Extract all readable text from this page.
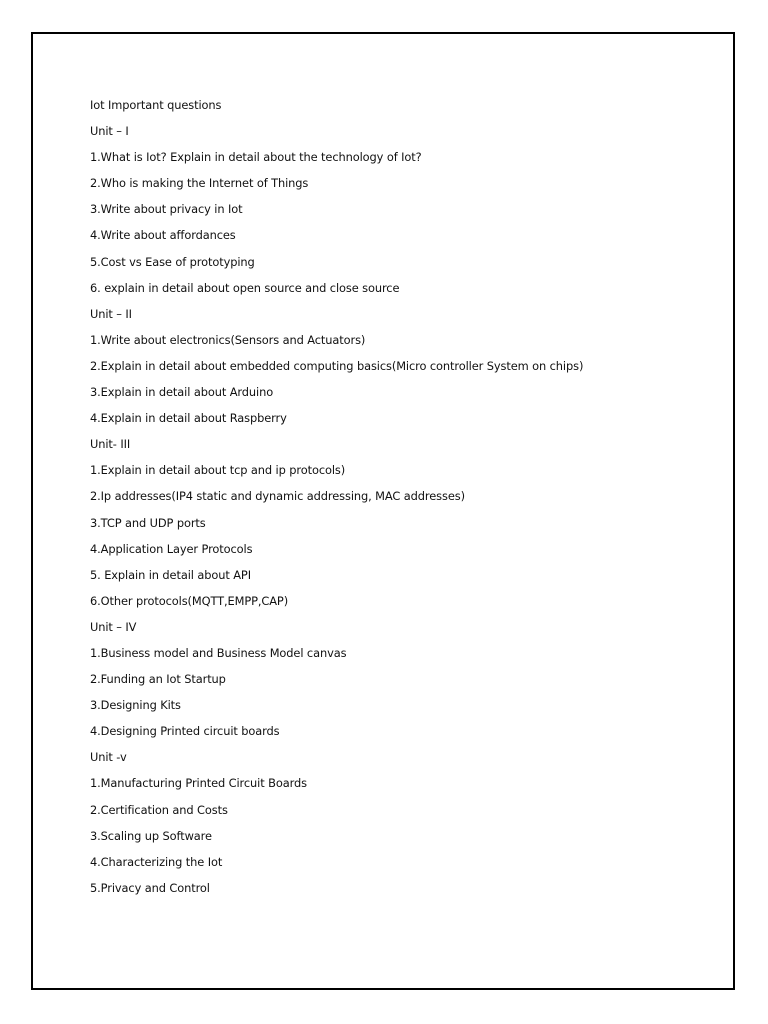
Iot Important questions
Unit – I
1.What is Iot? Explain in detail about the technology of Iot?
2.Who is making the Internet of Things
3.Write about privacy in Iot
4.Write about affordances
5.Cost vs Ease of prototyping
6. explain in detail about open source and close source
Unit – II
1.Write about electronics(Sensors and Actuators)
2.Explain in detail about embedded computing basics(Micro controller System on chips)
3.Explain in detail about Arduino
4.Explain in detail about Raspberry
Unit- III
1.Explain in detail about tcp and ip protocols)
2.Ip addresses(IP4 static and dynamic addressing, MAC addresses)
3.TCP and UDP ports
4.Application Layer Protocols
5. Explain in detail about API
6.Other protocols(MQTT,EMPP,CAP)
Unit – IV
1.Business model and Business Model canvas
2.Funding an Iot Startup
3.Designing Kits
4.Designing Printed circuit boards
Unit -v
1.Manufacturing Printed Circuit Boards
2.Certification and Costs
3.Scaling up Software
4.Characterizing the Iot
5.Privacy and Control
